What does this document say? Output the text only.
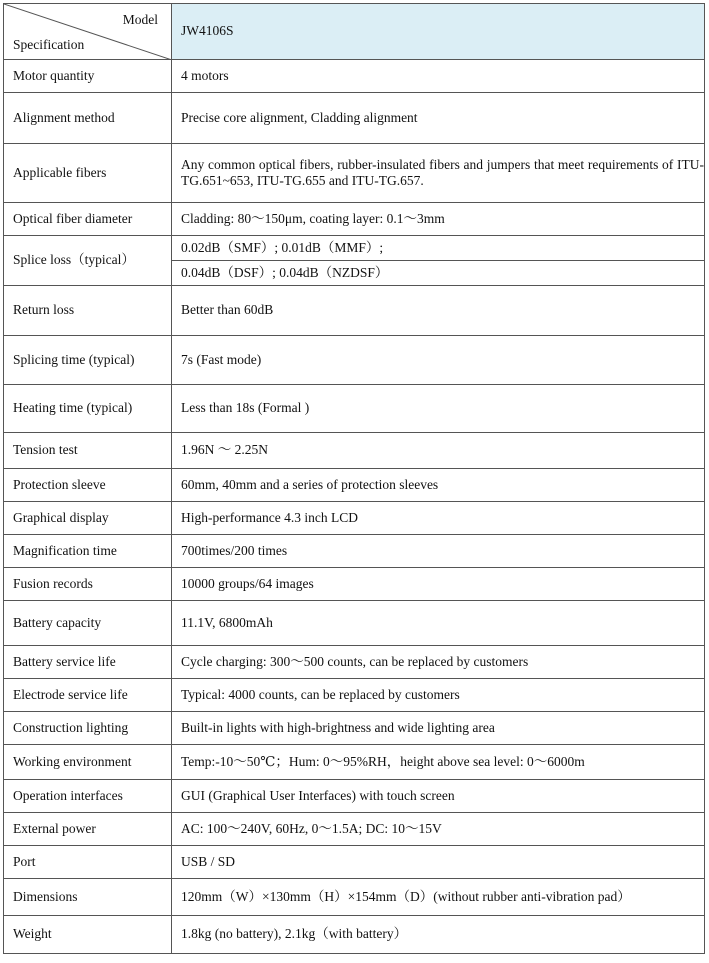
Model
Specification	JW4106S
Motor quantity	4 motors
Alignment method	Precise core alignment, Cladding alignment
Applicable fibers	Any common optical fibers, rubber-insulated fibers and jumpers that meet requirements of ITU-TG.651~653, ITU-TG.655 and ITU-TG.657.
Optical fiber diameter	Cladding: 80～150μm, coating layer: 0.1～3mm
Splice loss（typical）	0.02dB（SMF）; 0.01dB（MMF）;
	0.04dB（DSF）; 0.04dB（NZDSF）
Return loss	Better than 60dB
Splicing time (typical)	7s (Fast mode)
Heating time (typical)	Less than 18s (Formal )
Tension test	1.96N ～ 2.25N
Protection sleeve	60mm, 40mm and a series of protection sleeves
Graphical display	High-performance 4.3 inch LCD
Magnification time	700times/200 times
Fusion records	10000 groups/64 images
Battery capacity	11.1V, 6800mAh
Battery service life	Cycle charging: 300～500 counts, can be replaced by customers
Electrode service life	Typical: 4000 counts, can be replaced by customers
Construction lighting	Built-in lights with high-brightness and wide lighting area
Working environment	Temp:-10～50℃；Hum: 0～95%RH，height above sea level: 0～6000m
Operation interfaces	GUI (Graphical User Interfaces) with touch screen
External power	AC: 100～240V, 60Hz, 0～1.5A; DC: 10～15V
Port	USB / SD
Dimensions	120mm（W）×130mm（H）×154mm（D）(without rubber anti-vibration pad）
Weight	1.8kg (no battery), 2.1kg（with battery）
